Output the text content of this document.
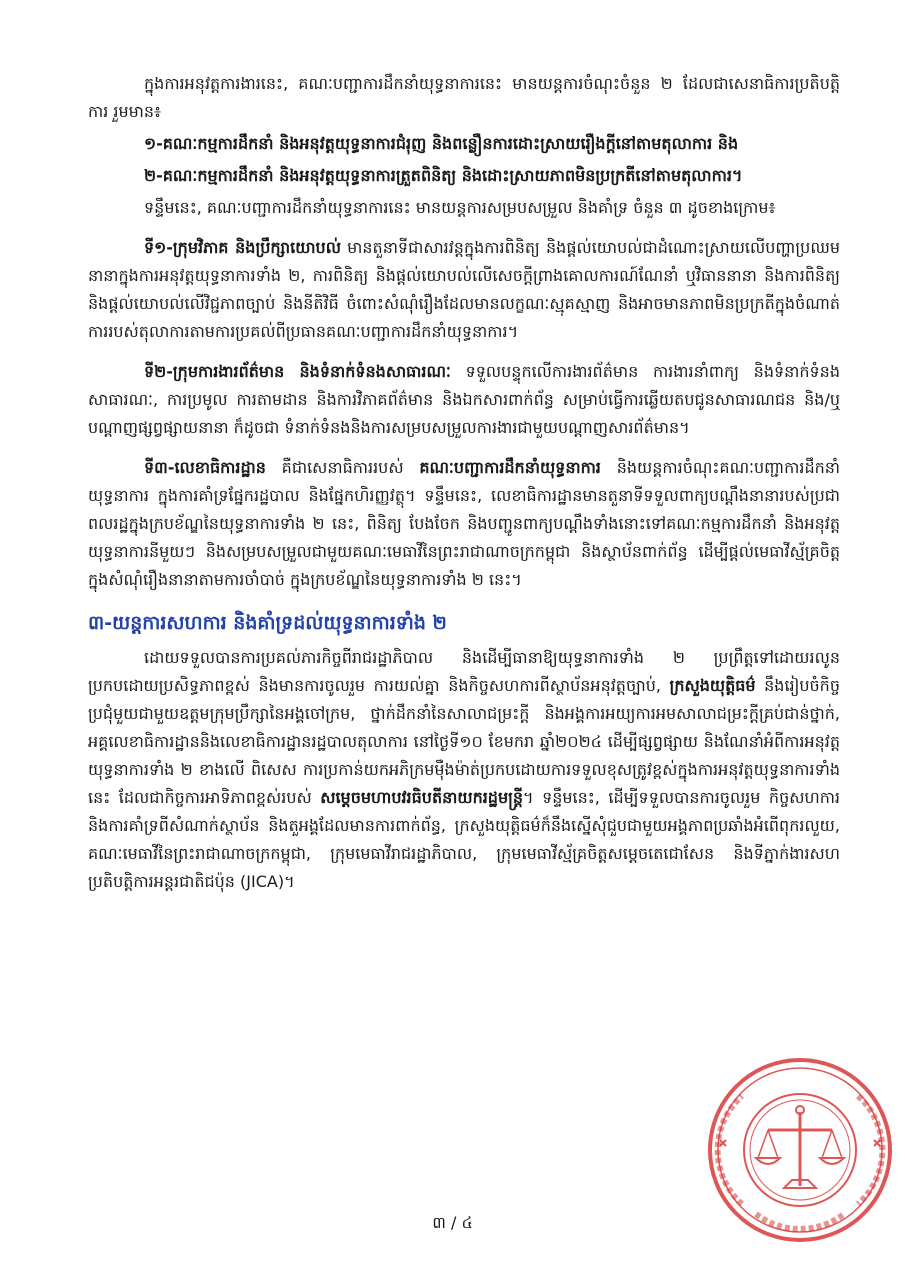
ក្នុងការអនុវត្តការងារនេះ, គណៈបញ្ជាការដឹកនាំយុទ្ធនាការនេះ មានយន្តការចំណុះចំនួន ២ ដែលជាសេនាធិការប្រតិបត្តិការ រួមមាន៖

១-គណៈកម្មការដឹកនាំ និងអនុវត្តយុទ្ធនាការជំរុញ និងពន្លឿនការដោះស្រាយរឿងក្តីនៅតាមតុលាការ និង

២-គណៈកម្មការដឹកនាំ និងអនុវត្តយុទ្ធនាការត្រួតពិនិត្យ និងដោះស្រាយភាពមិនប្រក្រតីនៅតាមតុលាការ។

ទន្ទឹមនេះ, គណៈបញ្ជាការដឹកនាំយុទ្ធនាការនេះ មានយន្តការសម្របសម្រួល និងគាំទ្រ ចំនួន ៣ ដូចខាងក្រោម៖

ទី១-ក្រុមវិភាគ និងប្រឹក្សាយោបល់ មានតួនាទីជាសារវន្តក្នុងការពិនិត្យ និងផ្តល់យោបល់ជាដំណោះស្រាយលើបញ្ហាប្រឈមនានាក្នុងការអនុវត្តយុទ្ធនាការទាំង ២, ការពិនិត្យ និងផ្តល់យោបល់លើសេចក្តីព្រាងគោលការណ៍ណែនាំ ឬវិធាននានា និងការពិនិត្យ និងផ្តល់យោបល់លើវិជ្ជភាពច្បាប់ និងនីតិវិធី ចំពោះសំណុំរឿងដែលមានលក្ខណៈស្មុគស្មាញ និងអាចមានភាពមិនប្រក្រតីក្នុងចំណាត់ការរបស់តុលាការតាមការប្រគល់ពីប្រធានគណៈបញ្ជាការដឹកនាំយុទ្ធនាការ។

ទី២-ក្រុមការងារព័ត៌មាន និងទំនាក់ទំនងសាធារណៈ ទទួលបន្ទុកលើការងារព័ត៌មាន ការងារនាំពាក្យ និងទំនាក់ទំនងសាធារណៈ, ការប្រមូល ការតាមដាន និងការវិភាគព័ត៌មាន និងឯកសារពាក់ព័ន្ធ សម្រាប់ធ្វើការឆ្លើយតបជូនសាធារណជន និង/ឬ បណ្តាញផ្សព្វផ្សាយនានា ក៏ដូចជា ទំនាក់ទំនងនិងការសម្របសម្រួលការងារជាមួយបណ្តាញសារព័ត៌មាន។

ទី៣-លេខាធិការដ្ឋាន គឺជាសេនាធិការរបស់ គណៈបញ្ជាការដឹកនាំយុទ្ធនាការ និងយន្តការចំណុះគណៈបញ្ជាការដឹកនាំយុទ្ធនាការ ក្នុងការគាំទ្រផ្នែករដ្ឋបាល និងផ្នែកហិរញ្ញវត្ថុ។ ទន្ទឹមនេះ, លេខាធិការដ្ឋានមានតួនាទីទទួលពាក្យបណ្តឹងនានារបស់ប្រជាពលរដ្ឋក្នុងក្របខ័ណ្ឌនៃយុទ្ធនាការទាំង ២ នេះ, ពិនិត្យ បែងចែក និងបញ្ជូនពាក្យបណ្តឹងទាំងនោះទៅគណៈកម្មការដឹកនាំ និងអនុវត្តយុទ្ធនាការនីមួយៗ និងសម្របសម្រួលជាមួយគណៈមេធាវីនៃព្រះរាជាណាចក្រកម្ពុជា និងស្ថាប័នពាក់ព័ន្ធ ដើម្បីផ្តល់មេធាវីស្ម័គ្រចិត្តក្នុងសំណុំរឿងនានាតាមការចាំបាច់ ក្នុងក្របខ័ណ្ឌនៃយុទ្ធនាការទាំង ២ នេះ។

៣-យន្តការសហការ និងគាំទ្រដល់យុទ្ធនាការទាំង ២

ដោយទទួលបានការប្រគល់ភារកិច្ចពីរាជរដ្ឋាភិបាល និងដើម្បីធានាឱ្យយុទ្ធនាការទាំង ២ ប្រព្រឹត្តទៅដោយរលូន ប្រកបដោយប្រសិទ្ធភាពខ្ពស់ និងមានការចូលរួម ការយល់គ្នា និងកិច្ចសហការពីស្ថាប័នអនុវត្តច្បាប់, ក្រសួងយុត្តិធម៌ នឹងរៀបចំកិច្ចប្រជុំមួយជាមួយឧត្តមក្រុមប្រឹក្សានៃអង្គចៅក្រម, ថ្នាក់ដឹកនាំនៃសាលាជម្រះក្តី និងអង្គការអយ្យការអមសាលាជម្រះក្តីគ្រប់ជាន់ថ្នាក់, អគ្គលេខាធិការដ្ឋាននិងលេខាធិការដ្ឋានរដ្ឋបាលតុលាការ នៅថ្ងៃទី១០ ខែមករា ឆ្នាំ២០២៤ ដើម្បីផ្សព្វផ្សាយ និងណែនាំអំពីការអនុវត្តយុទ្ធនាការទាំង ២ ខាងលើ ពិសេស ការប្រកាន់យកអភិក្រមម៉ឺងម៉ាត់ប្រកបដោយការទទួលខុសត្រូវខ្ពស់ក្នុងការអនុវត្តយុទ្ធនាការទាំងនេះ ដែលជាកិច្ចការអាទិភាពខ្ពស់របស់ សម្តេចមហាបវរធិបតីនាយករដ្ឋមន្ត្រី។ ទន្ទឹមនេះ, ដើម្បីទទួលបានការចូលរួម កិច្ចសហការ និងការគាំទ្រពីសំណាក់ស្ថាប័ន និងតួអង្គដែលមានការពាក់ព័ន្ធ, ក្រសួងយុត្តិធម៌ក៏នឹងស្នើសុំជួបជាមួយអង្គភាពប្រឆាំងអំពើពុករលួយ, គណៈមេធាវីនៃព្រះរាជាណាចក្រកម្ពុជា, ក្រុមមេធាវីរាជរដ្ឋាភិបាល, ក្រុមមេធាវីស្ម័គ្រចិត្តសម្តេចតេជោសែន និងទីភ្នាក់ងារសហប្រតិបត្តិការអន្តរជាតិជប៉ុន (JICA)។

៣ / ៤
